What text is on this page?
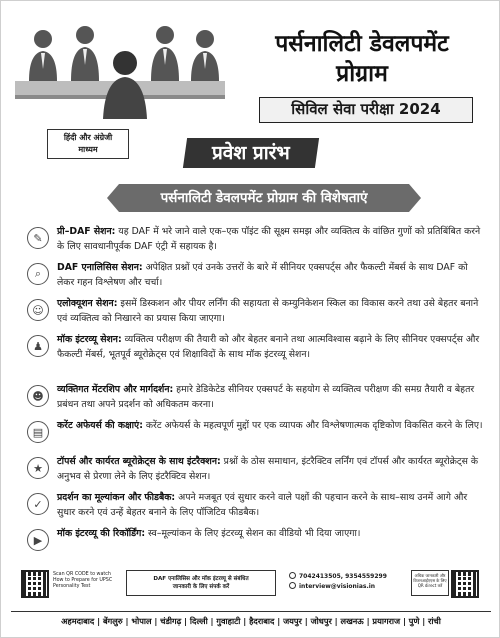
पर्सनालिटी डेवलपमेंट
प्रोग्राम
सिविल सेवा परीक्षा 2024
हिंदी और अंग्रेजी
माध्यम	प्रवेश प्रारंभ
पर्सनालिटी डेवलपमेंट प्रोग्राम की विशेषताएं
✎	प्री–DAF सेशन: यह DAF में भरे जाने वाले एक–एक पॉइंट की सूक्ष्म समझ और व्यक्तित्व के वांछित गुणों को प्रतिबिंबित करने के लिए सावधानीपूर्वक DAF एंट्री में सहायक है।
⌕	DAF एनालिसिस सेशन: अपेक्षित प्रश्नों एवं उनके उत्तरों के बारे में सीनियर एक्सपर्ट्स और फैकल्टी मेंबर्स के साथ DAF को लेकर गहन विश्लेषण और चर्चा।
☺	एलोक्यूशन सेशन: इसमें डिस्कशन और पीयर लर्निंग की सहायता से कम्युनिकेशन स्किल का विकास करने तथा उसे बेहतर बनाने एवं व्यक्तित्व को निखारने का प्रयास किया जाएगा।
♟	मॉक इंटरव्यू सेशन: व्यक्तित्व परीक्षण की तैयारी को और बेहतर बनाने तथा आत्मविश्वास बढ़ाने के लिए सीनियर एक्सपर्ट्स और फैकल्टी मेंबर्स, भूतपूर्व ब्यूरोक्रेट्स एवं शिक्षाविदों के साथ मॉक इंटरव्यू सेशन।
☻	व्यक्तिगत मेंटरशिप और मार्गदर्शन: हमारे डेडिकेटेड सीनियर एक्सपर्ट के सहयोग से व्यक्तित्व परीक्षण की समग्र तैयारी व बेहतर प्रबंधन तथा अपने प्रदर्शन को अधिकतम करना।
▤	करेंट अफेयर्स की कक्षाएं: करेंट अफेयर्स के महत्वपूर्ण मुद्दों पर एक व्यापक और विश्लेषणात्मक दृष्टिकोण विकसित करने के लिए।
★	टॉपर्स और कार्यरत ब्यूरोक्रेट्स के साथ इंटरैक्शन: प्रश्नों के ठोस समाधान, इंटरैक्टिव लर्निंग एवं टॉपर्स और कार्यरत ब्यूरोक्रेट्स के अनुभव से प्रेरणा लेने के लिए इंटरैक्टिव सेशन।
✓	प्रदर्शन का मूल्यांकन और फीडबैक: अपने मजबूत एवं सुधार करने वाले पक्षों की पहचान करने के साथ–साथ उनमें आगे और सुधार करने एवं उन्हें बेहतर बनाने के लिए पॉजिटिव फीडबैक।
▶	मॉक इंटरव्यू की रिकॉर्डिंग: स्व–मूल्यांकन के लिए इंटरव्यू सेशन का वीडियो भी दिया जाएगा।
Scan QR CODE to watch How to Prepare for UPSC Personality Test
DAF एनालिसिस और मॉक इंटरव्यू से संबंधित
जानकारी के लिए संपर्क करें
7042413505, 9354559299
interview@visionias.in
अधिक जानकारी और
विजनआईएएस के लिए
QR direct करें
अहमदाबाद | बेंगलुरु | भोपाल | चंडीगढ़ | दिल्ली | गुवाहाटी | हैदराबाद | जयपुर | जोधपुर | लखनऊ | प्रयागराज | पुणे | रांची
